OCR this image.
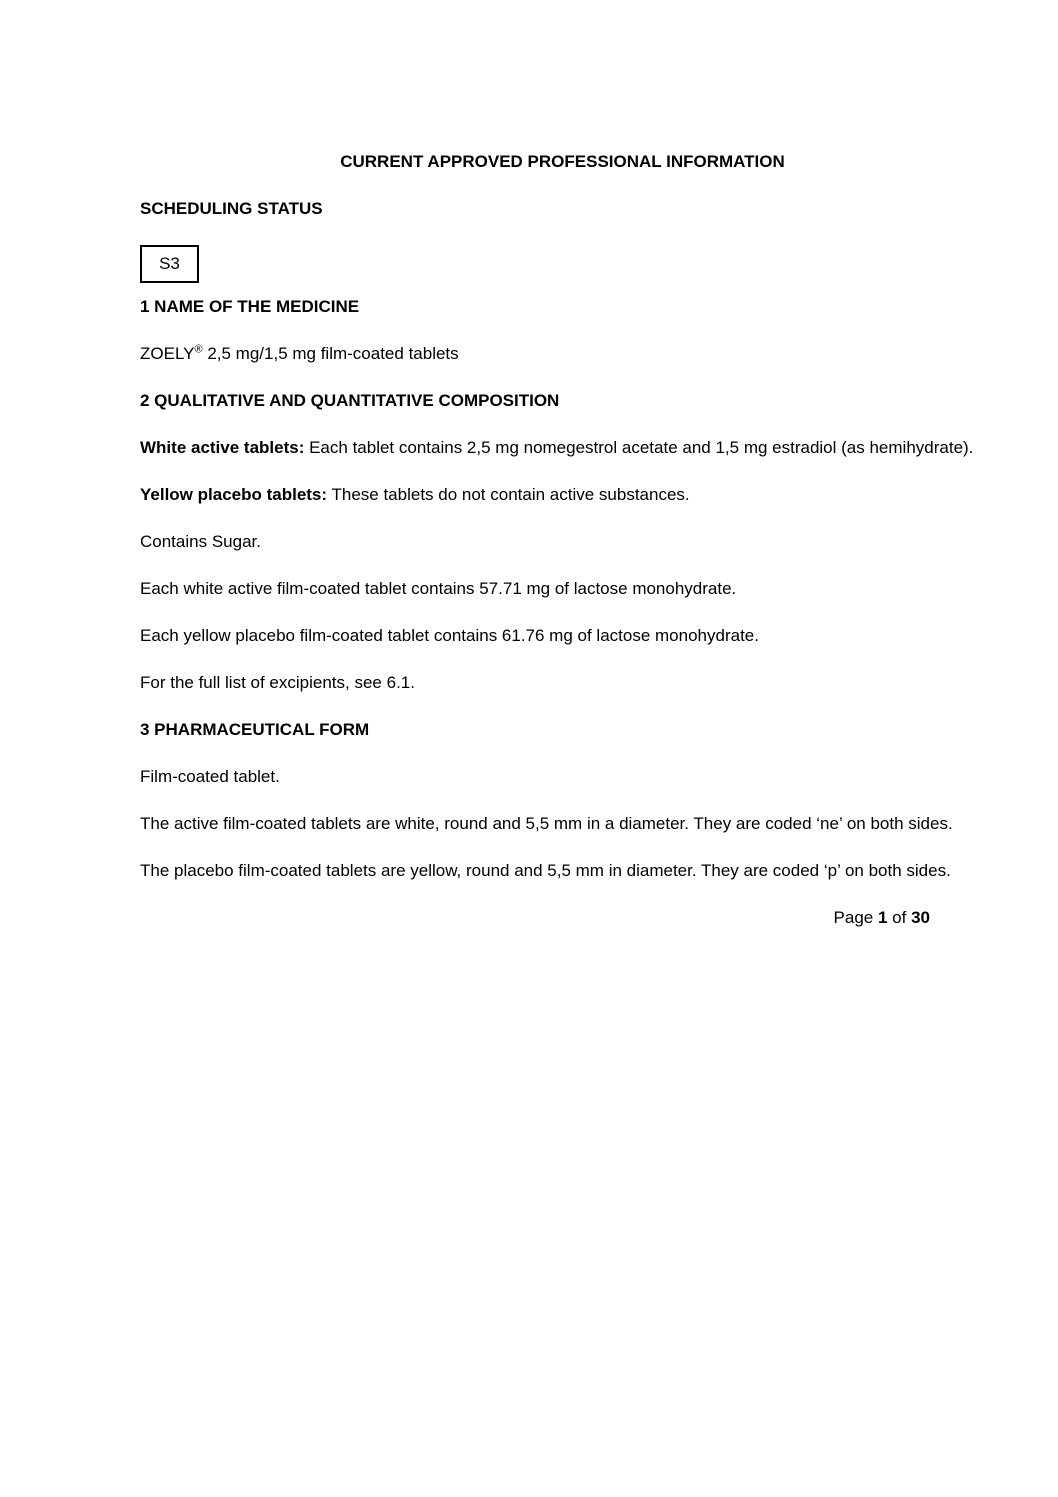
CURRENT APPROVED PROFESSIONAL INFORMATION
SCHEDULING STATUS
S3
1 NAME OF THE MEDICINE

ZOELY® 2,5 mg/1,5 mg film-coated tablets

2 QUALITATIVE AND QUANTITATIVE COMPOSITION

White active tablets: Each tablet contains 2,5 mg nomegestrol acetate and 1,5 mg estradiol (as hemihydrate).

Yellow placebo tablets: These tablets do not contain active substances.

Contains Sugar.

Each white active film-coated tablet contains 57.71 mg of lactose monohydrate.

Each yellow placebo film-coated tablet contains 61.76 mg of lactose monohydrate.

For the full list of excipients, see 6.1.

3 PHARMACEUTICAL FORM

Film-coated tablet.

The active film-coated tablets are white, round and 5,5 mm in a diameter. They are coded ‘ne’ on both sides.

The placebo film-coated tablets are yellow, round and 5,5 mm in diameter. They are coded ‘p’ on both sides.

Page 1 of 30
